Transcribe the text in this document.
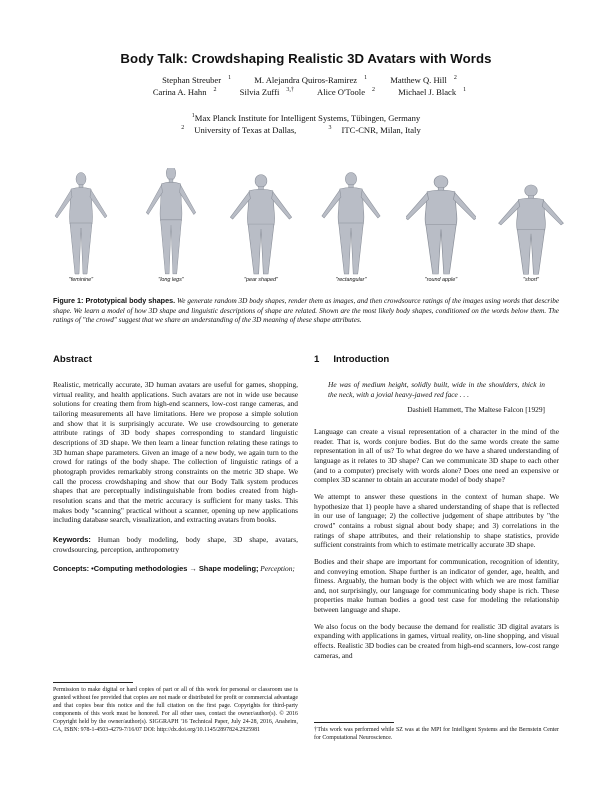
Body Talk: Crowdshaping Realistic 3D Avatars with Words
Stephan Streuber $^1$	M. Alejandra Quiros-Ramirez $^1$	Matthew Q. Hill $^2$
Carina A. Hahn $^2$	Silvia Zuffi $^{3,\dagger}$	Alice O'Toole $^2$	Michael J. Black $^1$
$^1$Max Planck Institute for Intelligent Systems, Tübingen, Germany
$^2$ University of Texas at Dallas,	$^3$ ITC-CNR, Milan, Italy
"feminine"	"long legs"	"pear shaped"	"rectangular"	"round apple"	"short"
Figure 1: Prototypical body shapes. We generate random 3D body shapes, render them as images, and then crowdsource ratings of the images using words that describe shape. We learn a model of how 3D shape and linguistic descriptions of shape are related. Shown are the most likely body shapes, conditioned on the words below them. The ratings of "the crowd" suggest that we share an understanding of the 3D meaning of these shape attributes.
Abstract

Realistic, metrically accurate, 3D human avatars are useful for games, shopping, virtual reality, and health applications. Such avatars are not in wide use because solutions for creating them from high-end scanners, low-cost range cameras, and tailoring measurements all have limitations. Here we propose a simple solution and show that it is surprisingly accurate. We use crowdsourcing to generate attribute ratings of 3D body shapes corresponding to standard linguistic descriptions of 3D shape. We then learn a linear function relating these ratings to 3D human shape parameters. Given an image of a new body, we again turn to the crowd for ratings of the body shape. The collection of linguistic ratings of a photograph provides remarkably strong constraints on the metric 3D shape. We call the process crowdshaping and show that our Body Talk system produces shapes that are perceptually indistinguishable from bodies created from high-resolution scans and that the metric accuracy is sufficient for many tasks. This makes body "scanning" practical without a scanner, opening up new applications including database search, visualization, and extracting avatars from books.

Keywords: Human body modeling, body shape, 3D shape, avatars, crowdsourcing, perception, anthropometry

Concepts: •Computing methodologies → Shape modeling; Perception;

Permission to make digital or hard copies of part or all of this work for personal or classroom use is granted without fee provided that copies are not made or distributed for profit or commercial advantage and that copies bear this notice and the full citation on the first page. Copyrights for third-party components of this work must be honored. For all other uses, contact the owner/author(s). © 2016 Copyright held by the owner/author(s). SIGGRAPH '16 Technical Paper, July 24-28, 2016, Anaheim, CA, ISBN: 978-1-4503-4279-7/16/07 DOI: http://dx.doi.org/10.1145/2897824.2925981
1 Introduction
He was of medium height, solidly built, wide in the shoulders, thick in the neck, with a jovial heavy-jawed red face . . .
Dashiell Hammett, The Maltese Falcon [1929]

Language can create a visual representation of a character in the mind of the reader. That is, words conjure bodies. But do the same words create the same representation in all of us? To what degree do we have a shared understanding of language as it relates to 3D shape? Can we communicate 3D shape to each other (and to a computer) precisely with words alone? Does one need an expensive or complex 3D scanner to obtain an accurate model of body shape?

We attempt to answer these questions in the context of human shape. We hypothesize that 1) people have a shared understanding of shape that is reflected in our use of language; 2) the collective judgement of shape attributes by "the crowd" contains a robust signal about body shape; and 3) correlations in the ratings of shape attributes, and their relationship to shape statistics, provide sufficient constraints from which to estimate metrically accurate 3D shape.

Bodies and their shape are important for communication, recognition of identity, and conveying emotion. Shape further is an indicator of gender, age, health, and fitness. Arguably, the human body is the object with which we are most familiar and, not surprisingly, our language for communicating body shape is rich. These properties make human bodies a good test case for modeling the relationship between language and shape.

We also focus on the body because the demand for realistic 3D digital avatars is expanding with applications in games, virtual reality, on-line shopping, and visual effects. Realistic 3D bodies can be created from high-end scanners, low-cost range cameras, and

†This work was performed while SZ was at the MPI for Intelligent Systems and the Bernstein Center for Computational Neuroscience.
